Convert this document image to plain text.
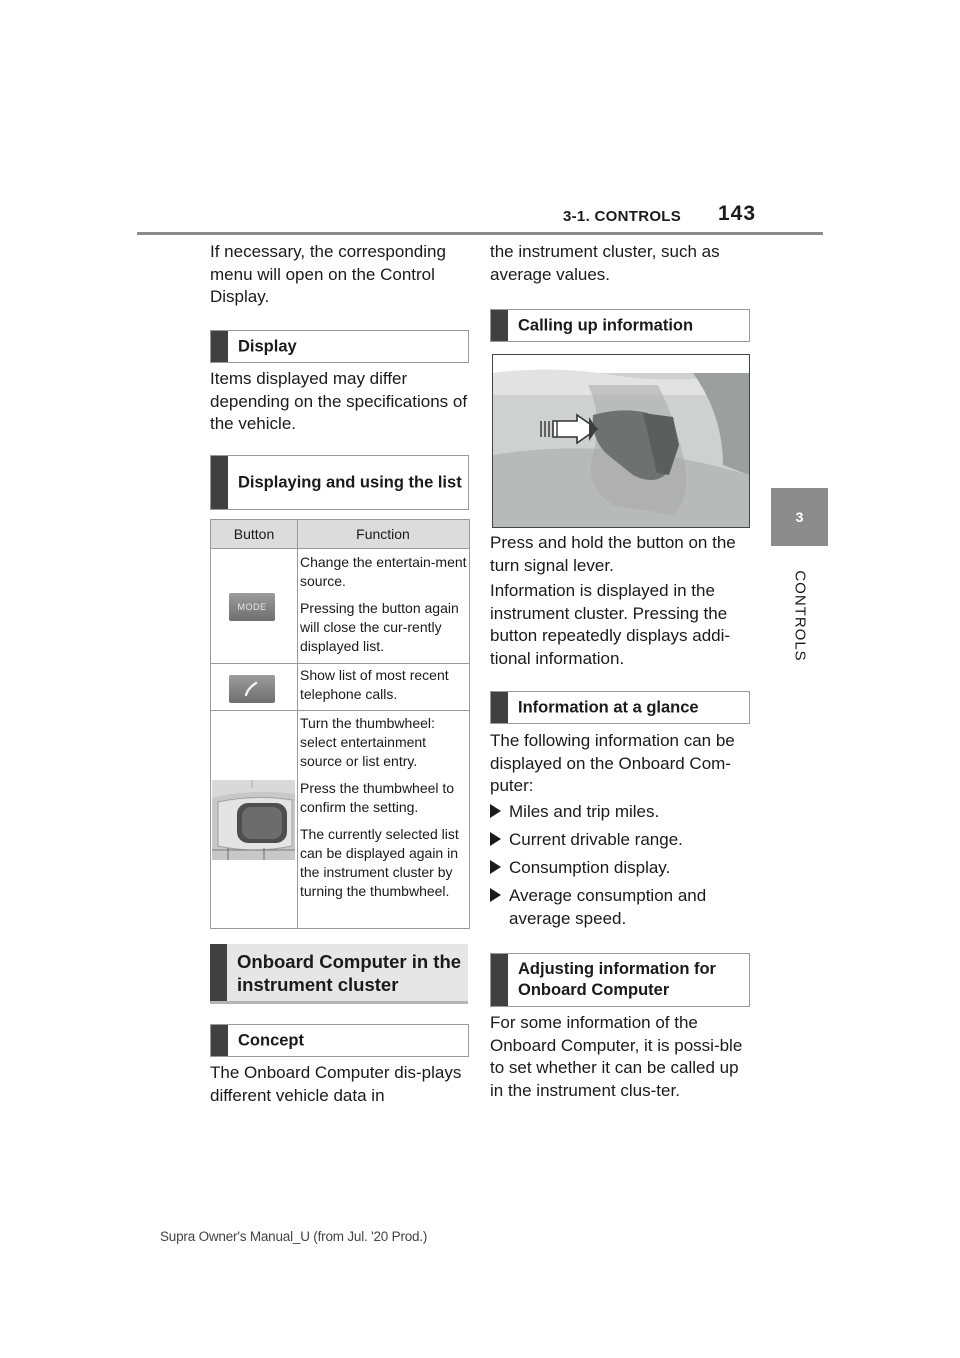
3-1. CONTROLS 143
3
CONTROLS
If necessary, the corresponding menu will open on the Control Display.
Display
Items displayed may differ depending on the specifications of the vehicle.
Displaying and using the list
Button	Function
MODE

Change the entertain-ment source.

Pressing the button again will close the cur-rently displayed list.

Show list of most recent telephone calls.

Turn the thumbwheel: select entertainment source or list entry.

Press the thumbwheel to confirm the setting.

The currently selected list can be displayed again in the instrument cluster by turning the thumbwheel.

Onboard Computer in the instrument cluster
Concept
The Onboard Computer dis-plays different vehicle data in
the instrument cluster, such as average values.
Calling up information
Press and hold the button on the turn signal lever.
Information is displayed in the instrument cluster. Pressing the button repeatedly displays addi-tional information.
Information at a glance
The following information can be displayed on the Onboard Com-puter:
Miles and trip miles.
Current drivable range.
Consumption display.
Average consumption and average speed.
Adjusting information for Onboard Computer
For some information of the Onboard Computer, it is possi-ble to set whether it can be called up in the instrument clus-ter.
Supra Owner's Manual_U (from Jul. '20 Prod.)
